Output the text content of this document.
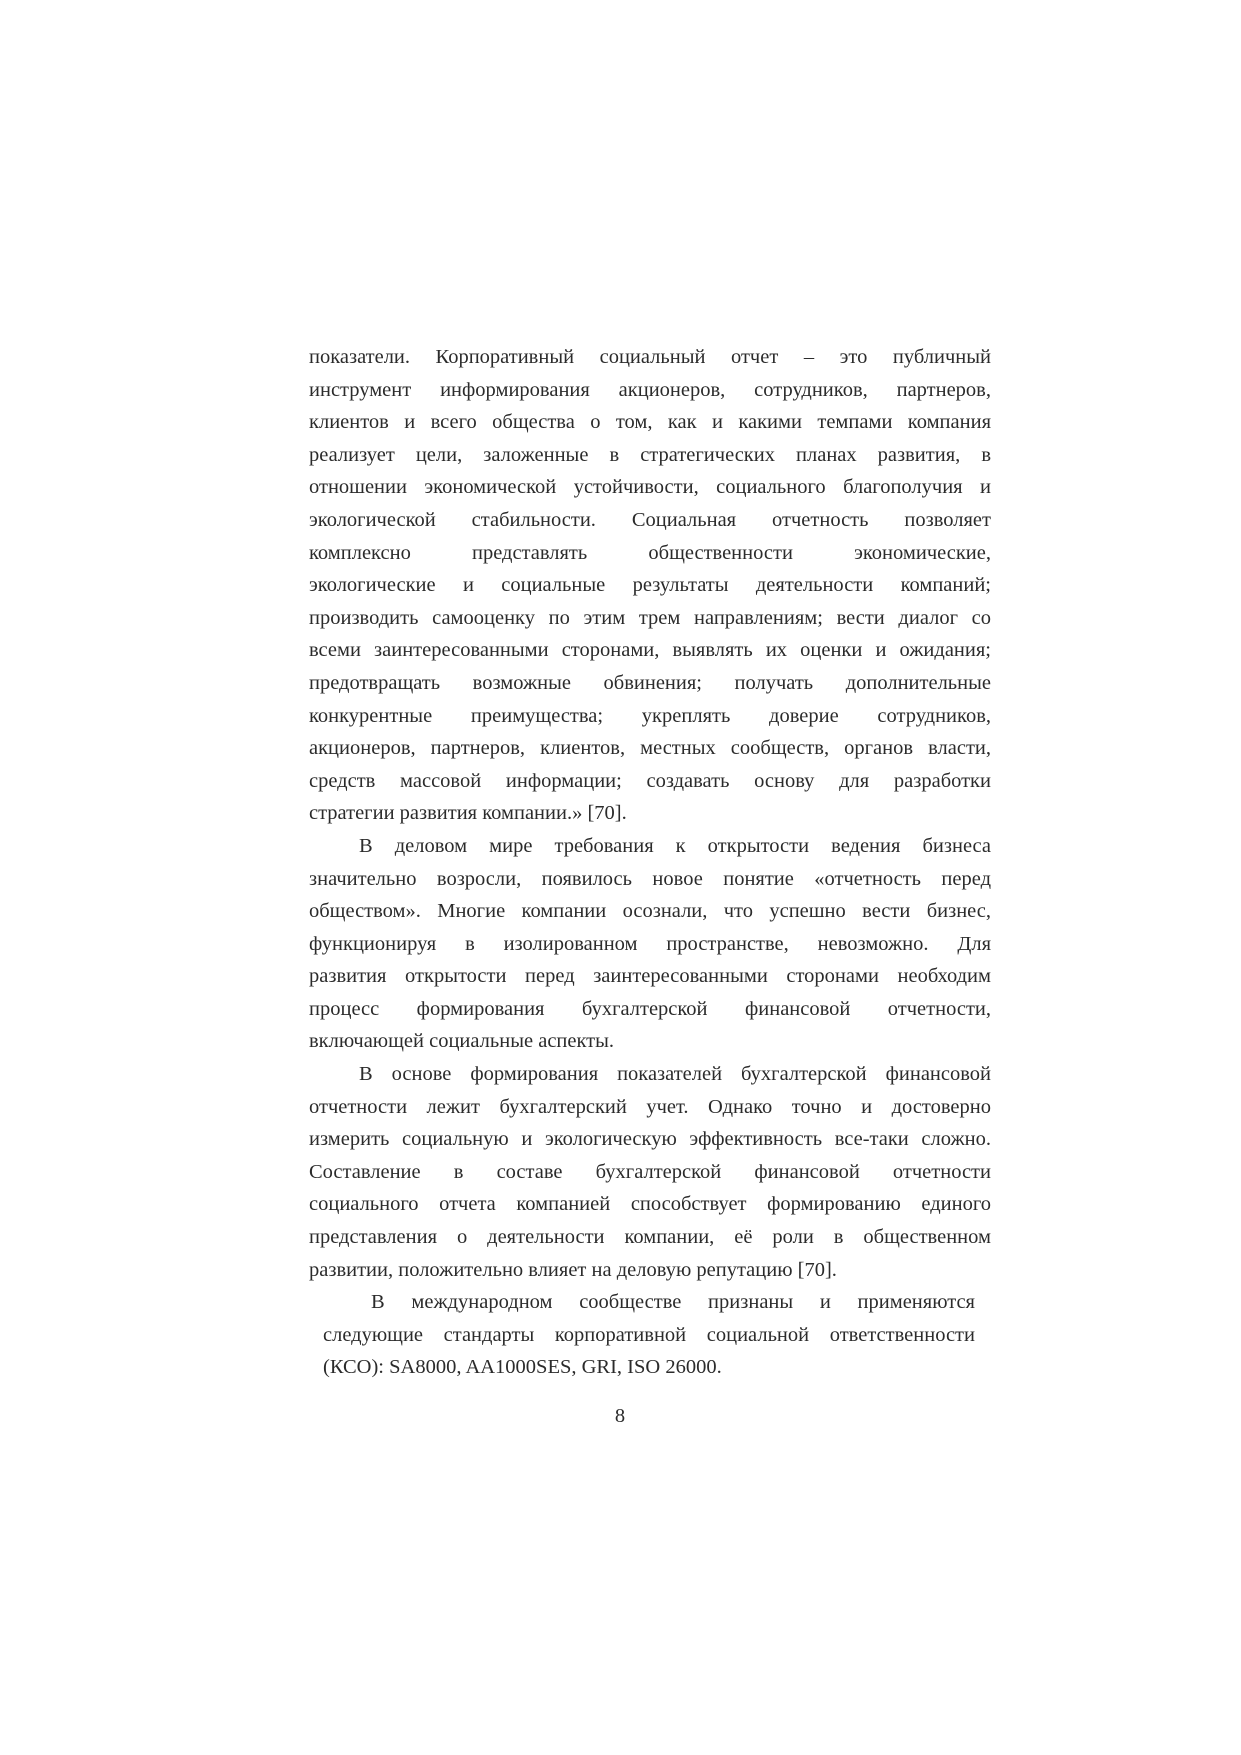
показатели. Корпоративный социальный отчет – это публичный
инструмент информирования акционеров, сотрудников, партнеров,
клиентов и всего общества о том, как и какими темпами компания
реализует цели, заложенные в стратегических планах развития, в
отношении экономической устойчивости, социального благополучия и
экологической стабильности. Социальная отчетность позволяет
комплексно представлять общественности экономические,
экологические и социальные результаты деятельности компаний;
производить самооценку по этим трем направлениям; вести диалог со
всеми заинтересованными сторонами, выявлять их оценки и ожидания;
предотвращать возможные обвинения; получать дополнительные
конкурентные преимущества; укреплять доверие сотрудников,
акционеров, партнеров, клиентов, местных сообществ, органов власти,
средств массовой информации; создавать основу для разработки
стратегии развития компании.» [70].
В деловом мире требования к открытости ведения бизнеса
значительно возросли, появилось новое понятие «отчетность перед
обществом». Многие компании осознали, что успешно вести бизнес,
функционируя в изолированном пространстве, невозможно. Для
развития открытости перед заинтересованными сторонами необходим
процесс формирования бухгалтерской финансовой отчетности,
включающей социальные аспекты.
В основе формирования показателей бухгалтерской финансовой
отчетности лежит бухгалтерский учет. Однако точно и достоверно
измерить социальную и экологическую эффективность все-таки сложно.
Составление в составе бухгалтерской финансовой отчетности
социального отчета компанией способствует формированию единого
представления о деятельности компании, её роли в общественном
развитии, положительно влияет на деловую репутацию [70].
В международном сообществе признаны и применяются
следующие стандарты корпоративной социальной ответственности
(КСО): SA8000, AA1000SES, GRI, ISO 26000.
8
